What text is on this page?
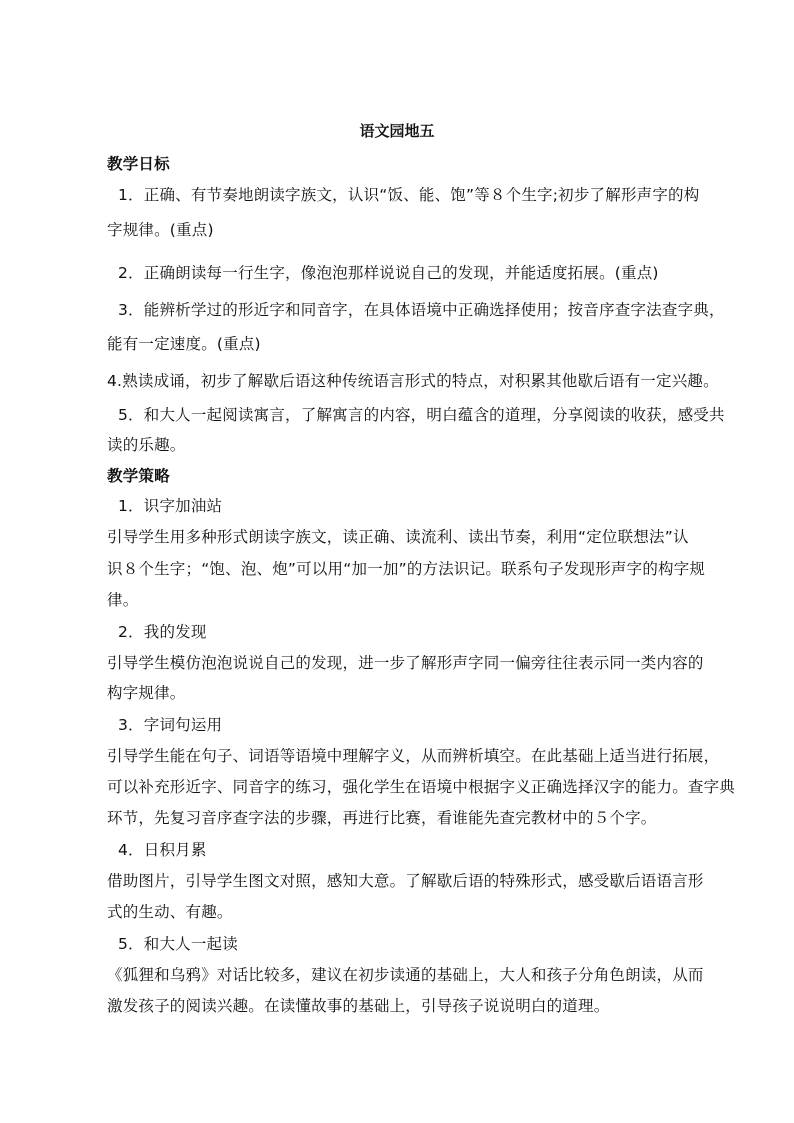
语文园地五
教学日标
1．正确、有节奏地朗读字族文，认识“饭、能、饱”等８个生字;初步了解形声字的构
字规律。(重点)
2．正确朗读每一行生字，像泡泡那样说说自己的发现，并能适度拓展。(重点)
3．能辨析学过的形近字和同音字，在具体语境中正确选择使用；按音序查字法查字典，
能有一定速度。(重点)
4.熟读成诵，初步了解歇后语这种传统语言形式的特点，对积累其他歇后语有一定兴趣。
5．和大人一起阅读寓言，了解寓言的内容，明白蕴含的道理，分享阅读的收获，感受共
读的乐趣。
教学策略
1．识字加油站
引导学生用多种形式朗读字族文，读正确、读流利、读出节奏，利用“定位联想法”认
识８个生字；“饱、泡、炮”可以用“加一加”的方法识记。联系句子发现形声字的构字规
律。
2．我的发现
引导学生模仿泡泡说说自己的发现，进一步了解形声字同一偏旁往往表示同一类内容的
构字规律。
3．字词句运用
引导学生能在句子、词语等语境中理解字义，从而辨析填空。在此基础上适当进行拓展，
可以补充形近字、同音字的练习，强化学生在语境中根据字义正确选择汉字的能力。查字典
环节，先复习音序查字法的步骤，再进行比赛，看谁能先查完教材中的５个字。
4．日积月累
借助图片，引导学生图文对照，感知大意。了解歇后语的特殊形式，感受歇后语语言形
式的生动、有趣。
5．和大人一起读
《狐狸和乌鸦》对话比较多，建议在初步读通的基础上，大人和孩子分角色朗读，从而
激发孩子的阅读兴趣。在读懂故事的基础上，引导孩子说说明白的道理。
